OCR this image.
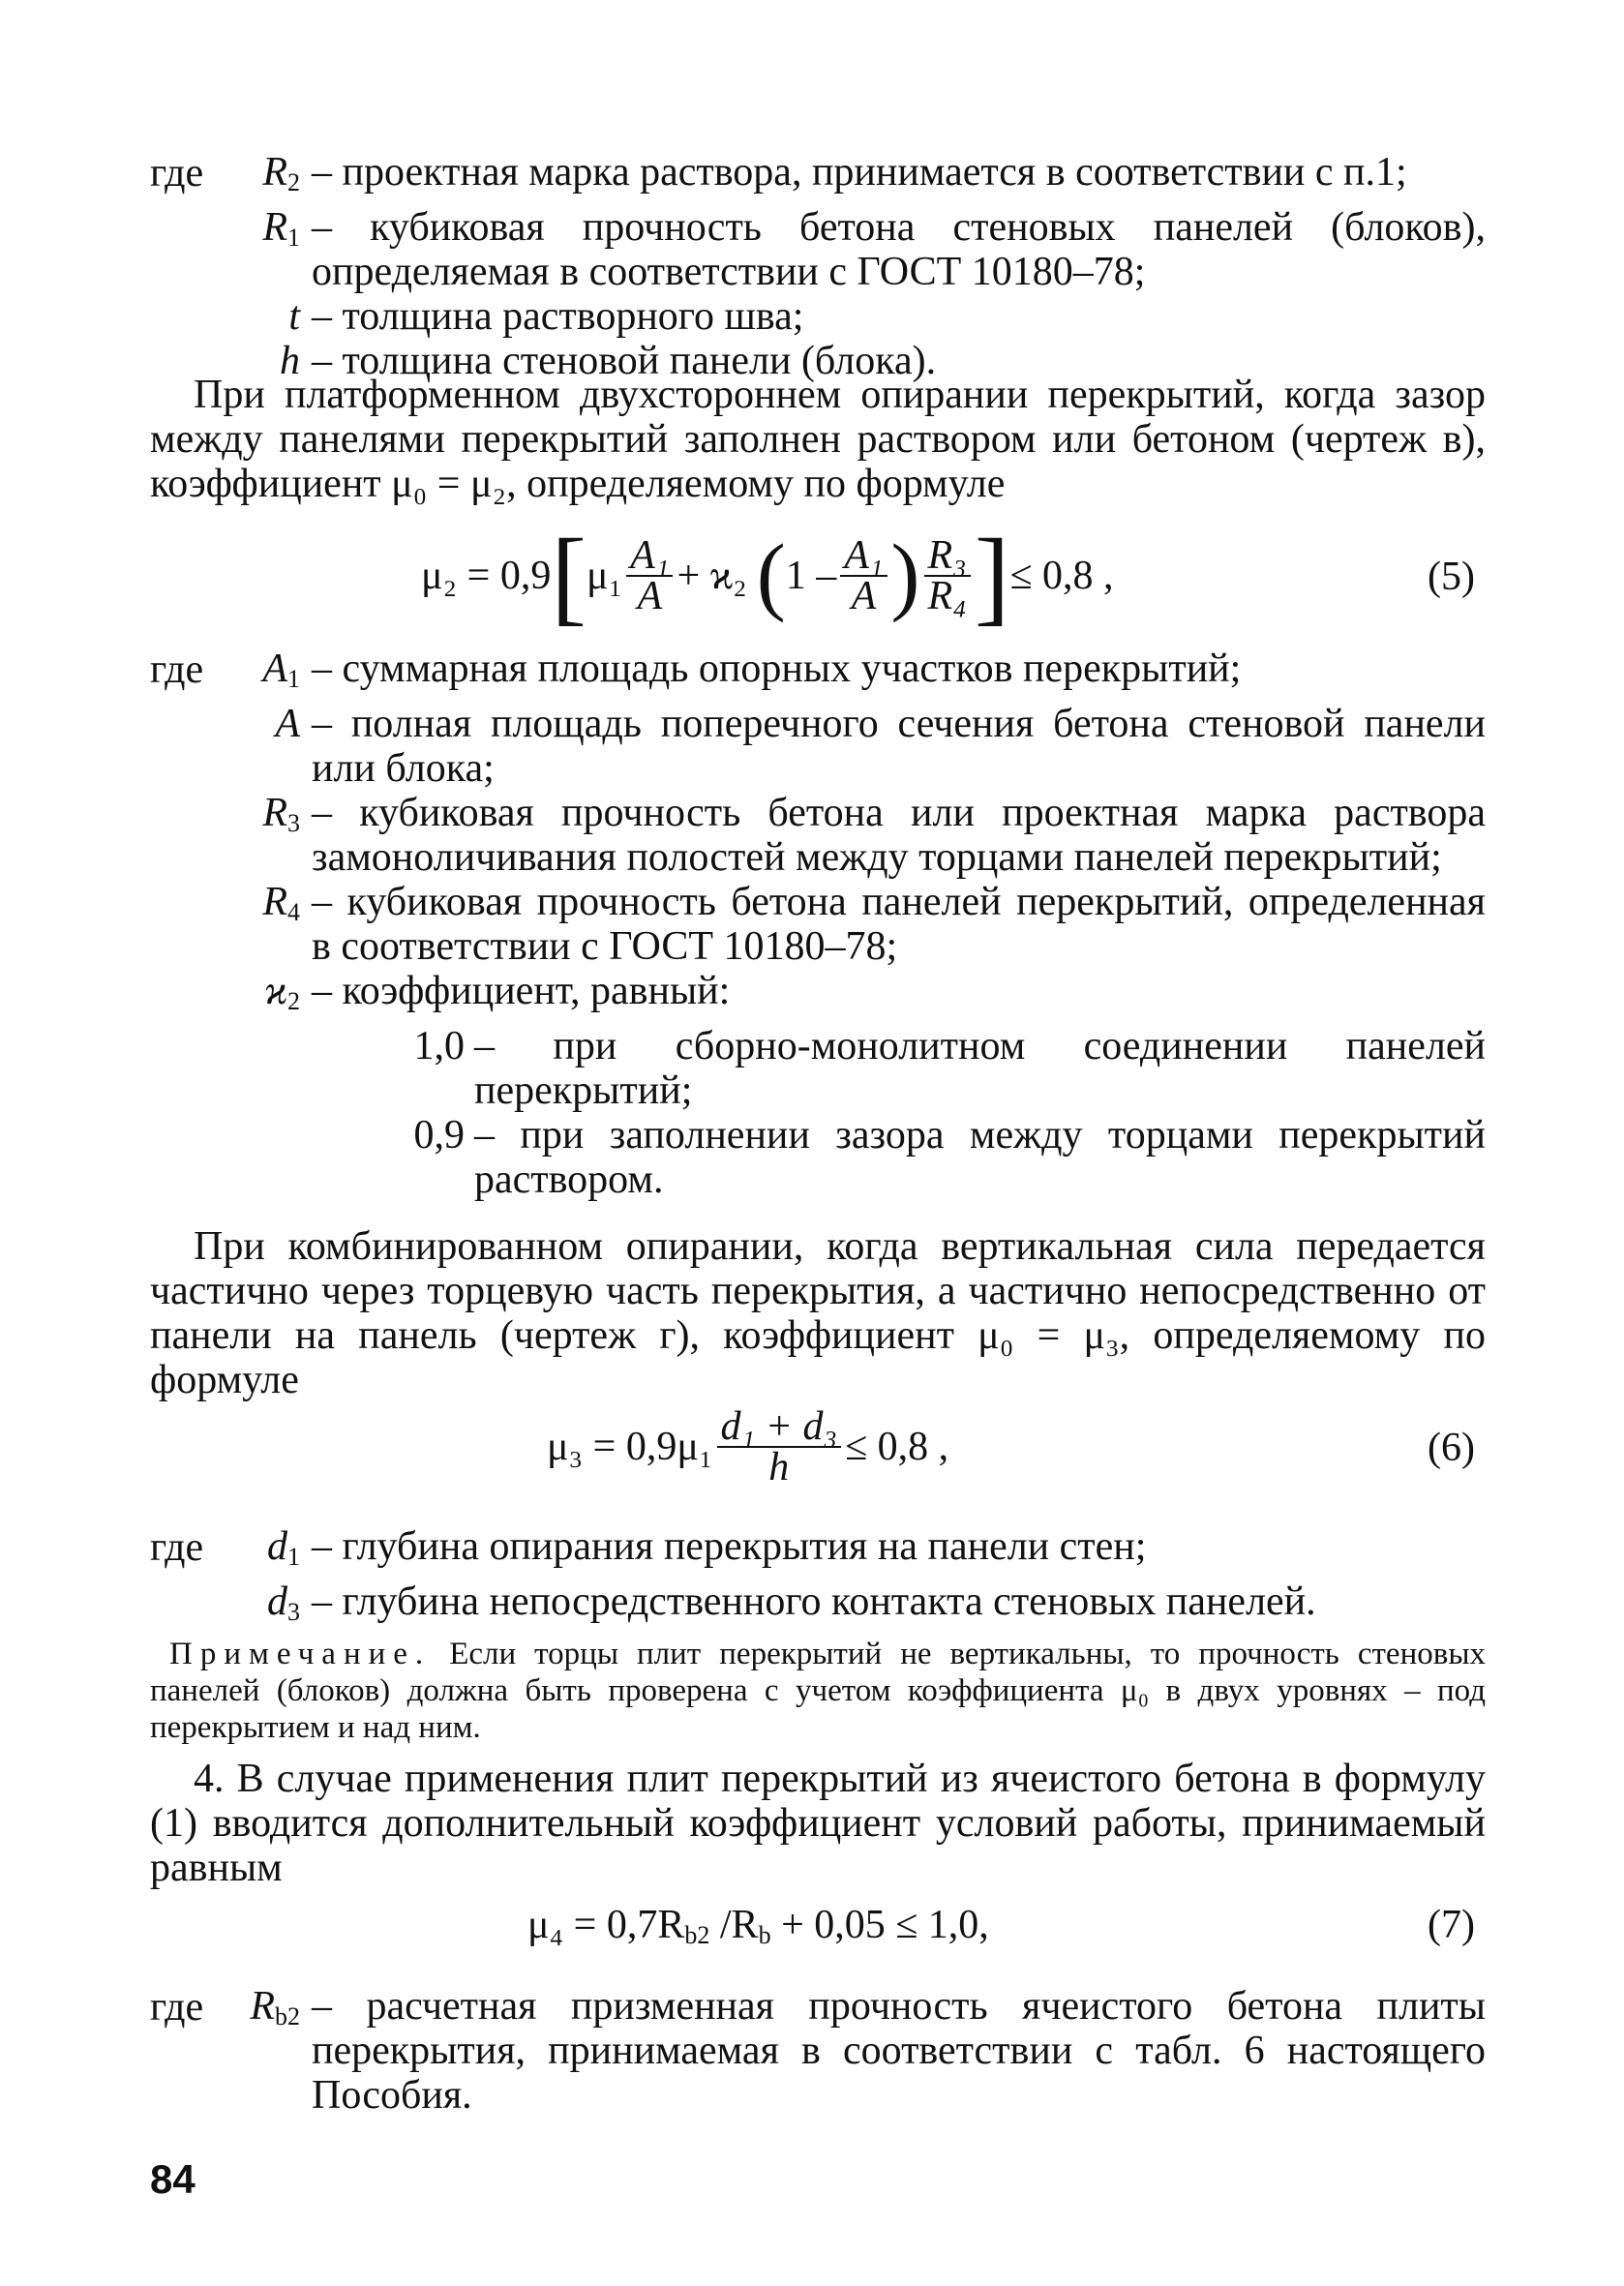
где	$R_2$ – проектная марка раствора, принимается в соответствии с п.1;
$R_1$ – кубиковая прочность бетона стеновых панелей (блоков), определяемая в соответствии с ГОСТ 10180–78;
t – толщина растворного шва;
h – толщина стеновой панели (блока).
При платформенном двухстороннем опирании перекрытий, когда зазор между панелями перекрытий заполнен раствором или бетоном (чертеж в), коэффициент μ₀ = μ₂, определяемому по формуле
μ₂ = 0,9 [ $\mu_1 \frac{\text{A₁}}{A} + ϰ_2$ ( $1 - \frac{\text{A₁}}{A}$ ) $\frac{\text{R₃}}{\text{R₄}}$ ] ≤ 0,8 ,	(5)
где	$A_1$ – суммарная площадь опорных участков перекрытий;
A – полная площадь поперечного сечения бетона стеновой панели или блока;
$R_3$ – кубиковая прочность бетона или проектная марка раствора замоноличивания полостей между торцами панелей перекрытий;
$R_4$ – кубиковая прочность бетона панелей перекрытий, определенная в соответствии с ГОСТ 10180–78;
$ϰ_2$ – коэффициент, равный:
1,0 – при сборно-монолитном соединении панелей перекрытий;
0,9 – при заполнении зазора между торцами перекрытий раствором.
При комбинированном опирании, когда вертикальная сила передается частично через торцевую часть перекрытия, а частично непосредственно от панели на панель (чертеж г), коэффициент μ₀ = μ₃, определяемому по формуле
$\mu_3 = 0,9\mu_1 \frac{\text{d₁ + d₃}}{h} \le 0,8$ ,	(6)
где	$d_1$ – глубина опирания перекрытия на панели стен;
$d_3$ – глубина непосредственного контакта стеновых панелей.
Примечание. Если торцы плит перекрытий не вертикальны, то прочность стеновых панелей (блоков) должна быть проверена с учетом коэффициента μ₀ в двух уровнях – под перекрытием и над ним.
4. В случае применения плит перекрытий из ячеистого бетона в формулу (1) вводится дополнительный коэффициент условий работы, принимаемый равным
$\mu_4 = 0,7R_{b2}$ $/R_b + 0,05 \le 1,0$,	(7)
где	$R_{b2}$ – расчетная призменная прочность ячеистого бетона плиты перекрытия, принимаемая в соответствии с табл. 6 настоящего Пособия.
84
